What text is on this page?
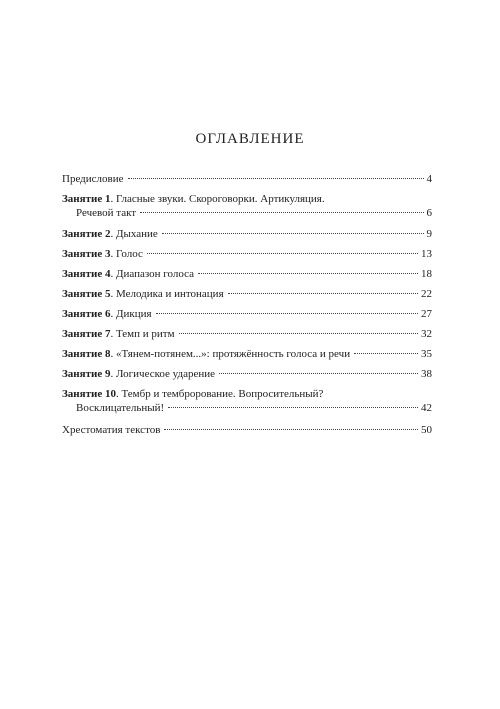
ОГЛАВЛЕНИЕ
Предисловие	4
Занятие 1. Гласные звуки. Скороговорки. Артикуляция.
Речевой такт	6
Занятие 2. Дыхание	9
Занятие 3. Голос	13
Занятие 4. Диапазон голоса	18
Занятие 5. Мелодика и интонация	22
Занятие 6. Дикция	27
Занятие 7. Темп и ритм	32
Занятие 8. «Тянем-потянем...»: протяжённость голоса и речи	35
Занятие 9. Логическое ударение	38
Занятие 10. Тембр и темброрование. Вопросительный?
Восклицательный!	42
Хрестоматия текстов	50
